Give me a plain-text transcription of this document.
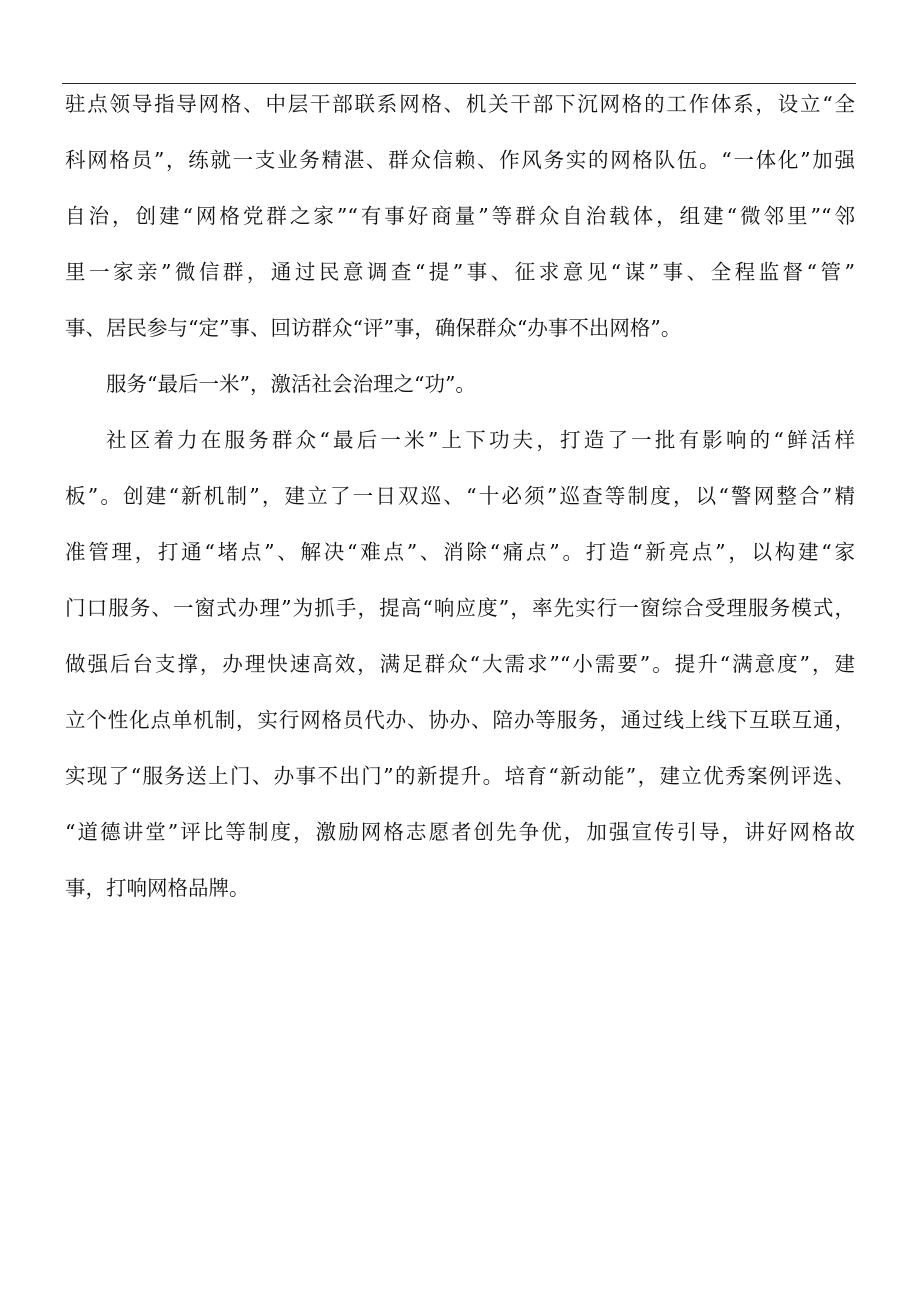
驻点领导指导网格、中层干部联系网格、机关干部下沉网格的工作体系，设立“全
科网格员”，练就一支业务精湛、群众信赖、作风务实的网格队伍。“一体化”加强
自治，创建“网格党群之家”“有事好商量”等群众自治载体，组建“微邻里”“邻
里一家亲”微信群，通过民意调查“提”事、征求意见“谋”事、全程监督“管”
事、居民参与“定”事、回访群众“评”事，确保群众“办事不出网格”。
服务“最后一米”，激活社会治理之“功”。
社区着力在服务群众“最后一米”上下功夫，打造了一批有影响的“鲜活样
板”。创建“新机制”，建立了一日双巡、“十必须”巡查等制度，以“警网整合”精
准管理，打通“堵点”、解决“难点”、消除“痛点”。打造“新亮点”，以构建“家
门口服务、一窗式办理”为抓手，提高“响应度”，率先实行一窗综合受理服务模式，
做强后台支撑，办理快速高效，满足群众“大需求”“小需要”。提升“满意度”，建
立个性化点单机制，实行网格员代办、协办、陪办等服务，通过线上线下互联互通，
实现了“服务送上门、办事不出门”的新提升。培育“新动能”，建立优秀案例评选、
“道德讲堂”评比等制度，激励网格志愿者创先争优，加强宣传引导，讲好网格故
事，打响网格品牌。
